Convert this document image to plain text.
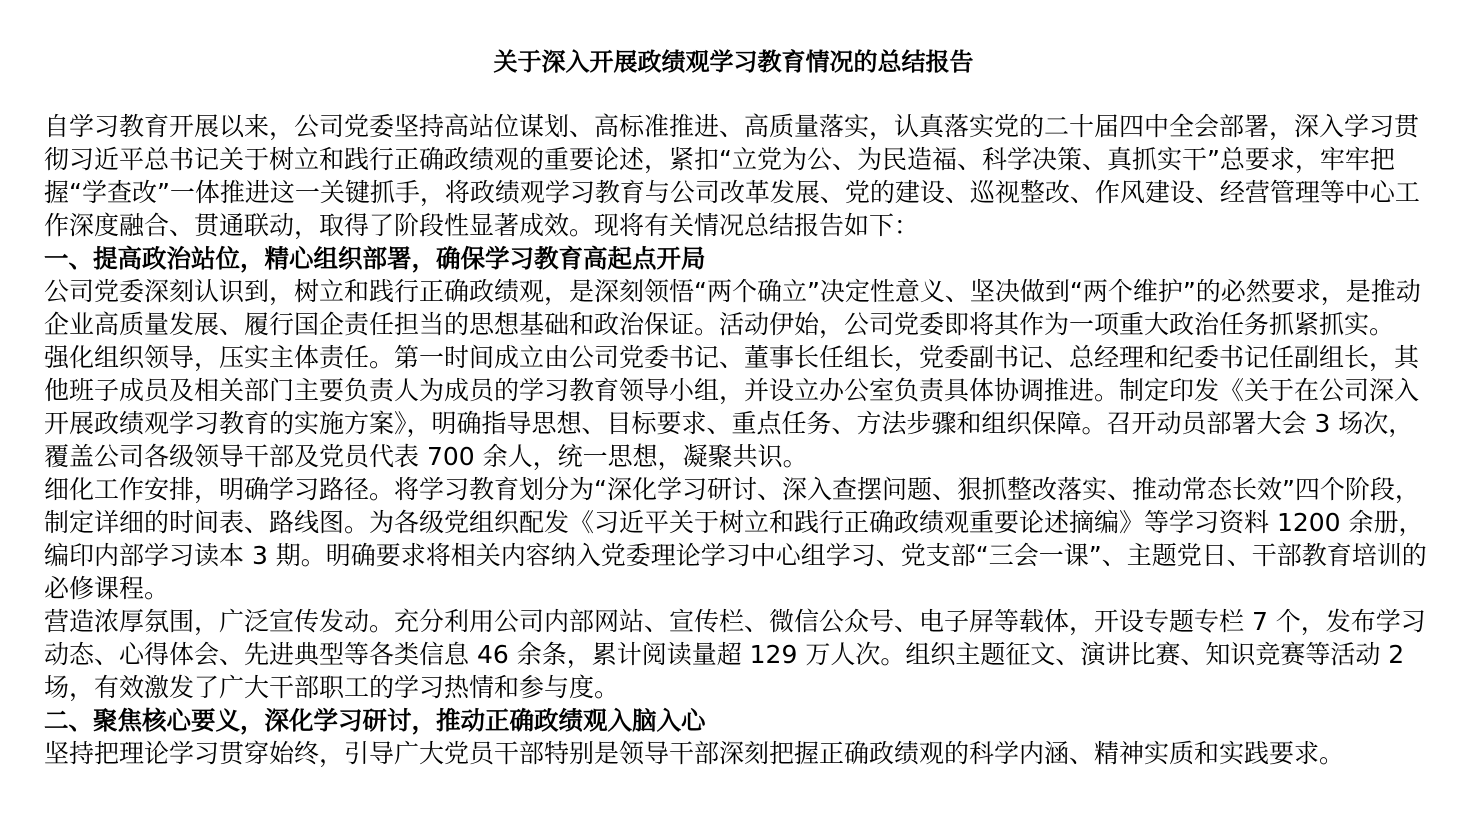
关于深入开展政绩观学习教育情况的总结报告

自学习教育开展以来，公司党委坚持高站位谋划、高标准推进、高质量落实，认真落实党的二十届四中全会部署，深入学习贯彻习近平总书记关于树立和践行正确政绩观的重要论述，紧扣“立党为公、为民造福、科学决策、真抓实干”总要求，牢牢把握“学查改”一体推进这一关键抓手，将政绩观学习教育与公司改革发展、党的建设、巡视整改、作风建设、经营管理等中心工作深度融合、贯通联动，取得了阶段性显著成效。现将有关情况总结报告如下：

一、提高政治站位，精心组织部署，确保学习教育高起点开局

公司党委深刻认识到，树立和践行正确政绩观，是深刻领悟“两个确立”决定性意义、坚决做到“两个维护”的必然要求，是推动企业高质量发展、履行国企责任担当的思想基础和政治保证。活动伊始，公司党委即将其作为一项重大政治任务抓紧抓实。

强化组织领导，压实主体责任。第一时间成立由公司党委书记、董事长任组长，党委副书记、总经理和纪委书记任副组长，其他班子成员及相关部门主要负责人为成员的学习教育领导小组，并设立办公室负责具体协调推进。制定印发《关于在公司深入开展政绩观学习教育的实施方案》，明确指导思想、目标要求、重点任务、方法步骤和组织保障。召开动员部署大会 3 场次，覆盖公司各级领导干部及党员代表 700 余人，统一思想，凝聚共识。

细化工作安排，明确学习路径。将学习教育划分为“深化学习研讨、深入查摆问题、狠抓整改落实、推动常态长效”四个阶段，制定详细的时间表、路线图。为各级党组织配发《习近平关于树立和践行正确政绩观重要论述摘编》等学习资料 1200 余册，编印内部学习读本 3 期。明确要求将相关内容纳入党委理论学习中心组学习、党支部“三会一课”、主题党日、干部教育培训的必修课程。

营造浓厚氛围，广泛宣传发动。充分利用公司内部网站、宣传栏、微信公众号、电子屏等载体，开设专题专栏 7 个，发布学习动态、心得体会、先进典型等各类信息 46 余条，累计阅读量超 129 万人次。组织主题征文、演讲比赛、知识竞赛等活动 2 场，有效激发了广大干部职工的学习热情和参与度。

二、聚焦核心要义，深化学习研讨，推动正确政绩观入脑入心

坚持把理论学习贯穿始终，引导广大党员干部特别是领导干部深刻把握正确政绩观的科学内涵、精神实质和实践要求。
